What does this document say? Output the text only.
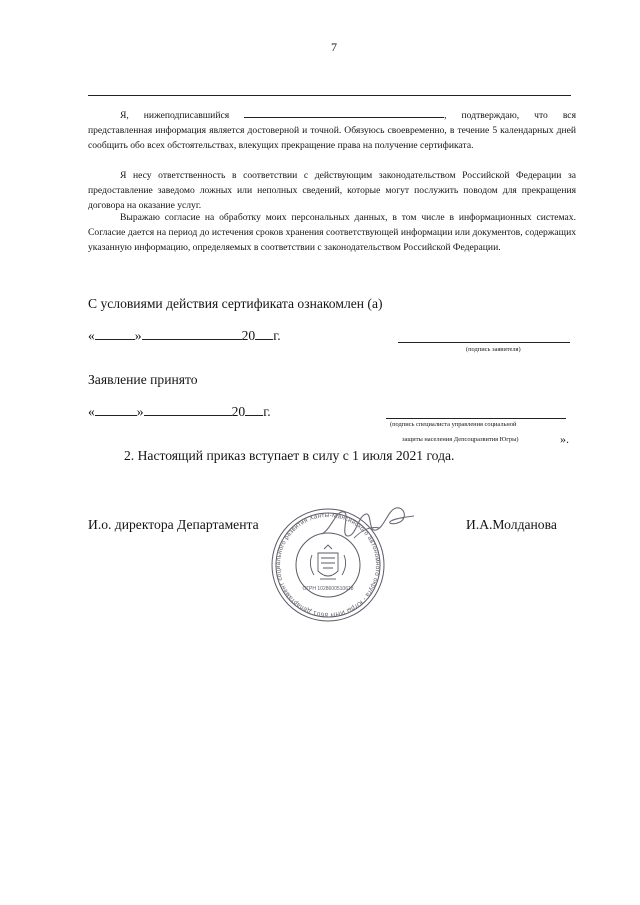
7
Я, нижеподписавшийся	, подтверждаю, что вся представленная информация является достоверной и точной. Обязуюсь своевременно, в течение 5 календарных дней сообщить обо всех обстоятельствах, влекущих прекращение права на получение сертификата.
Я несу ответственность в соответствии с действующим законодательством Российской Федерации за предоставление заведомо ложных или неполных сведений, которые могут послужить поводом для прекращения договора на оказание услуг.
Выражаю согласие на обработку моих персональных данных, в том числе в информационных системах. Согласие дается на период до истечения сроков хранения соответствующей информации или документов, содержащих указанную информацию, определяемых в соответствии с законодательством Российской Федерации.
С условиями действия сертификата ознакомлен (а)
«	»	20 г.
(подпись заявителя)
Заявление принято
«	»	20 г.
(подпись специалиста управления социальной
защиты населения Депсоцразвития Югры)	».
2. Настоящий приказ вступает в силу с 1 июля 2021 года.
И.о. директора Департамента	И.А.Молданова
Департамент социального развития Ханты-Мансийского автономного округа - Югры ИНН 8601001201
ОГРН 1028600510618
